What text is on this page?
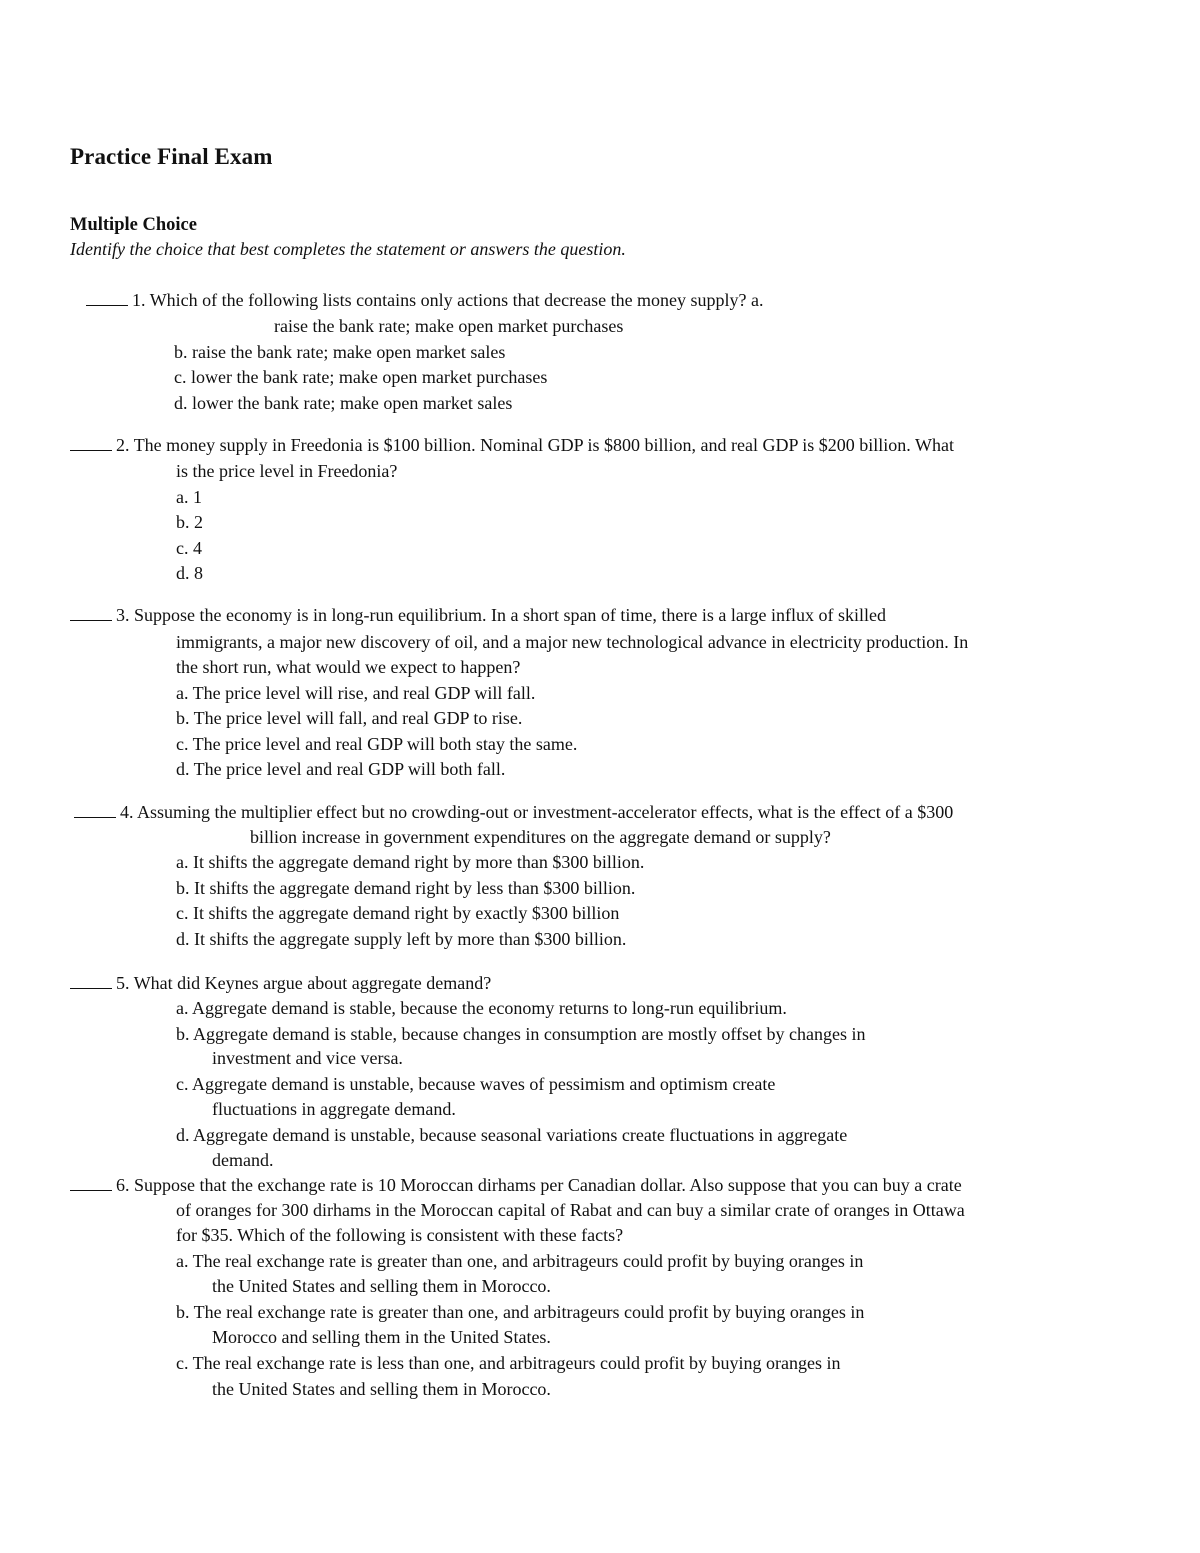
Practice Final Exam
Multiple Choice
Identify the choice that best completes the statement or answers the question.
1. Which of the following lists contains only actions that decrease the money supply? a.
raise the bank rate; make open market purchases
b. raise the bank rate; make open market sales
c. lower the bank rate; make open market purchases
d. lower the bank rate; make open market sales
2. The money supply in Freedonia is $100 billion. Nominal GDP is $800 billion, and real GDP is $200 billion. What
is the price level in Freedonia?
a. 1
b. 2
c. 4
d. 8
3. Suppose the economy is in long-run equilibrium. In a short span of time, there is a large influx of skilled
immigrants, a major new discovery of oil, and a major new technological advance in electricity production. In
the short run, what would we expect to happen?
a. The price level will rise, and real GDP will fall.
b. The price level will fall, and real GDP to rise.
c. The price level and real GDP will both stay the same.
d. The price level and real GDP will both fall.
4. Assuming the multiplier effect but no crowding-out or investment-accelerator effects, what is the effect of a $300
billion increase in government expenditures on the aggregate demand or supply?
a. It shifts the aggregate demand right by more than $300 billion.
b. It shifts the aggregate demand right by less than $300 billion.
c. It shifts the aggregate demand right by exactly $300 billion
d. It shifts the aggregate supply left by more than $300 billion.
5. What did Keynes argue about aggregate demand?
a. Aggregate demand is stable, because the economy returns to long-run equilibrium.
b. Aggregate demand is stable, because changes in consumption are mostly offset by changes in
investment and vice versa.
c. Aggregate demand is unstable, because waves of pessimism and optimism create
fluctuations in aggregate demand.
d. Aggregate demand is unstable, because seasonal variations create fluctuations in aggregate
demand.
6. Suppose that the exchange rate is 10 Moroccan dirhams per Canadian dollar. Also suppose that you can buy a crate
of oranges for 300 dirhams in the Moroccan capital of Rabat and can buy a similar crate of oranges in Ottawa
for $35. Which of the following is consistent with these facts?
a. The real exchange rate is greater than one, and arbitrageurs could profit by buying oranges in
the United States and selling them in Morocco.
b. The real exchange rate is greater than one, and arbitrageurs could profit by buying oranges in
Morocco and selling them in the United States.
c. The real exchange rate is less than one, and arbitrageurs could profit by buying oranges in
the United States and selling them in Morocco.
